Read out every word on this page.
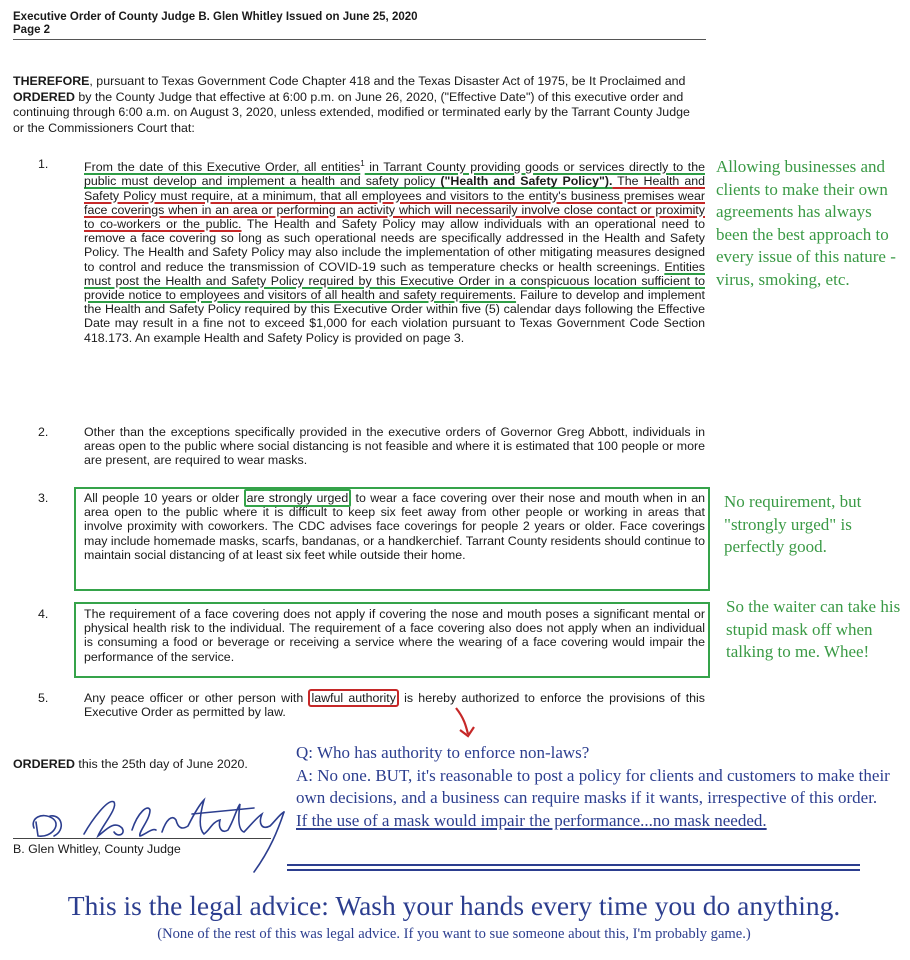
Executive Order of County Judge B. Glen Whitley Issued on June 25, 2020
Page 2
THEREFORE, pursuant to Texas Government Code Chapter 418 and the Texas Disaster Act of 1975, be It Proclaimed and ORDERED by the County Judge that effective at 6:00 p.m. on June 26, 2020, ("Effective Date") of this executive order and continuing through 6:00 a.m. on August 3, 2020, unless extended, modified or terminated early by the Tarrant County Judge or the Commissioners Court that:
1.	From the date of this Executive Order, all entities$^1$ in Tarrant County providing goods or services directly to the public must develop and implement a health and safety policy ("Health and Safety Policy"). The Health and Safety Policy must require, at a minimum, that all employees and visitors to the entity's business premises wear face coverings when in an area or performing an activity which will necessarily involve close contact or proximity to co-workers or the public. The Health and Safety Policy may allow individuals with an operational need to remove a face covering so long as such operational needs are specifically addressed in the Health and Safety Policy. The Health and Safety Policy may also include the implementation of other mitigating measures designed to control and reduce the transmission of COVID-19 such as temperature checks or health screenings. Entities must post the Health and Safety Policy required by this Executive Order in a conspicuous location sufficient to provide notice to employees and visitors of all health and safety requirements. Failure to develop and implement the Health and Safety Policy required by this Executive Order within five (5) calendar days following the Effective Date may result in a fine not to exceed $1,000 for each violation pursuant to Texas Government Code Section 418.173. An example Health and Safety Policy is provided on page 3.
Allowing businesses and clients to make their own agreements has always been the best approach to every issue of this nature - virus, smoking, etc.
2.	Other than the exceptions specifically provided in the executive orders of Governor Greg Abbott, individuals in areas open to the public where social distancing is not feasible and where it is estimated that 100 people or more are present, are required to wear masks.
3.	All people 10 years or older are strongly urged to wear a face covering over their nose and mouth when in an area open to the public where it is difficult to keep six feet away from other people or working in areas that involve proximity with coworkers. The CDC advises face coverings for people 2 years or older. Face coverings may include homemade masks, scarfs, bandanas, or a handkerchief. Tarrant County residents should continue to maintain social distancing of at least six feet while outside their home.
No requirement, but "strongly urged" is perfectly good.
4.	The requirement of a face covering does not apply if covering the nose and mouth poses a significant mental or physical health risk to the individual. The requirement of a face covering also does not apply when an individual is consuming a food or beverage or receiving a service where the wearing of a face covering would impair the performance of the service.
So the waiter can take his stupid mask off when talking to me. Whee!
5.	Any peace officer or other person with lawful authority is hereby authorized to enforce the provisions of this Executive Order as permitted by law.
ORDERED this the 25th day of June 2020.
B. Glen Whitley, County Judge
Q: Who has authority to enforce non-laws?
A: No one. BUT, it's reasonable to post a policy for clients and customers to make their own decisions, and a business can require masks if it wants, irrespective of this order.
If the use of a mask would impair the performance...no mask needed.
This is the legal advice: Wash your hands every time you do anything.
(None of the rest of this was legal advice. If you want to sue someone about this, I'm probably game.)
